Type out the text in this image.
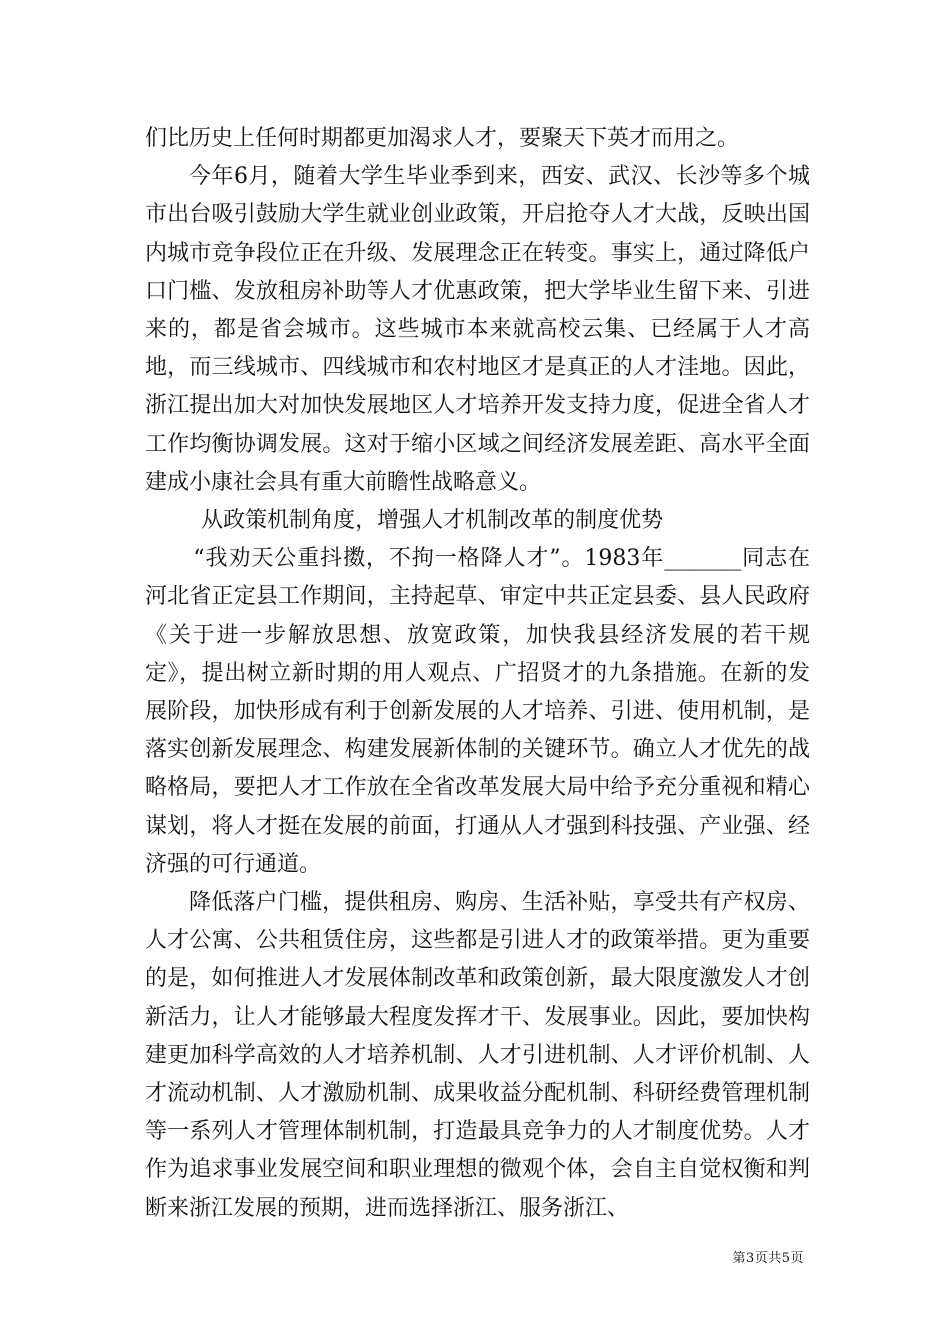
们比历史上任何时期都更加渴求人才，要聚天下英才而用之。

今年6月，随着大学生毕业季到来，西安、武汉、长沙等多个城市出台吸引鼓励大学生就业创业政策，开启抢夺人才大战，反映出国内城市竞争段位正在升级、发展理念正在转变。事实上，通过降低户口门槛、发放租房补助等人才优惠政策，把大学毕业生留下来、引进来的，都是省会城市。这些城市本来就高校云集、已经属于人才高地，而三线城市、四线城市和农村地区才是真正的人才洼地。因此，浙江提出加大对加快发展地区人才培养开发支持力度，促进全省人才工作均衡协调发展。这对于缩小区域之间经济发展差距、高水平全面建成小康社会具有重大前瞻性战略意义。

从政策机制角度，增强人才机制改革的制度优势

“我劝天公重抖擞，不拘一格降人才”。1983年_______同志在河北省正定县工作期间，主持起草、审定中共正定县委、县人民政府《关于进一步解放思想、放宽政策，加快我县经济发展的若干规定》，提出树立新时期的用人观点、广招贤才的九条措施。在新的发展阶段，加快形成有利于创新发展的人才培养、引进、使用机制，是落实创新发展理念、构建发展新体制的关键环节。确立人才优先的战略格局，要把人才工作放在全省改革发展大局中给予充分重视和精心谋划，将人才挺在发展的前面，打通从人才强到科技强、产业强、经济强的可行通道。

降低落户门槛，提供租房、购房、生活补贴，享受共有产权房、人才公寓、公共租赁住房，这些都是引进人才的政策举措。更为重要的是，如何推进人才发展体制改革和政策创新，最大限度激发人才创新活力，让人才能够最大程度发挥才干、发展事业。因此，要加快构建更加科学高效的人才培养机制、人才引进机制、人才评价机制、人才流动机制、人才激励机制、成果收益分配机制、科研经费管理机制等一系列人才管理体制机制，打造最具竞争力的人才制度优势。人才作为追求事业发展空间和职业理想的微观个体，会自主自觉权衡和判断来浙江发展的预期，进而选择浙江、服务浙江、

第3页共5页
